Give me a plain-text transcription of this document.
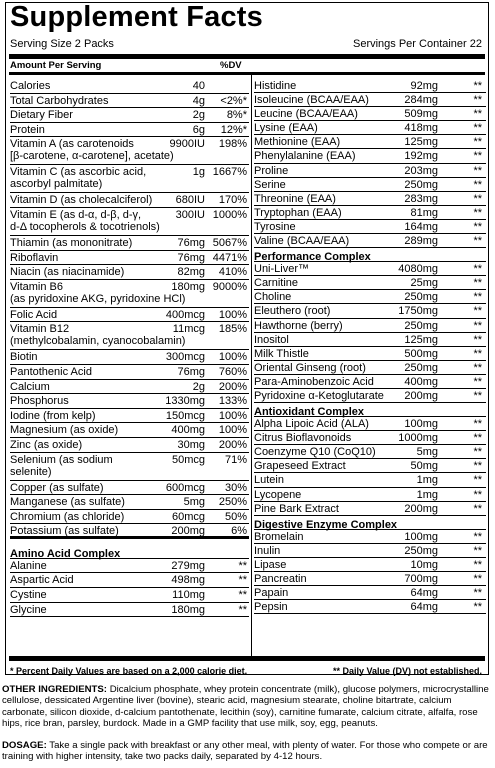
Supplement Facts
Serving Size 2 Packs	Servings Per Container 22
Amount Per Serving	%DV
Calories	40
Total Carbohydrates	4g <2%*
Dietary Fiber	2g 8%*
Protein	6g 12%*
Vitamin A (as carotenoids	9900IU 198%
[β-carotene, α-carotene], acetate)
Vitamin C (as ascorbic acid,	1g 1667%
ascorbyl palmitate)
Vitamin D (as cholecalciferol) 680IU 170%
Vitamin E (as d-α, d-β, d-γ,	300IU 1000%
d-Δ tocopherols & tocotrienols)
Thiamin (as mononitrate)	76mg 5067%
Riboflavin	76mg 4471%
Niacin (as niacinamide)	82mg 410%
Vitamin B6	180mg 9000%
(as pyridoxine AKG, pyridoxine HCl)
Folic Acid	400mcg 100%
Vitamin B12	11mcg 185%
(methylcobalamin, cyanocobalamin)
Biotin	300mcg 100%
Pantothenic Acid	76mg 760%
Calcium	2g 200%
Phosphorus	1330mg 133%
Iodine (from kelp)	150mcg 100%
Magnesium (as oxide)	400mg 100%
Zinc (as oxide)	30mg 200%
Selenium (as sodium	50mcg 71%
selenite)
Copper (as sulfate)	600mcg 30%
Manganese (as sulfate)	5mg 250%
Chromium (as chloride)	60mcg 50%
Potassium (as sulfate)	200mg 6%
Amino Acid Complex
Alanine	279mg	**
Aspartic Acid	498mg	**
Cystine	110mg	**
Glycine	180mg	**
Histidine	92mg	**
Isoleucine (BCAA/EAA)	284mg	**
Leucine (BCAA/EAA)	509mg	**
Lysine (EAA)	418mg	**
Methionine (EAA)	125mg	**
Phenylalanine (EAA)	192mg	**
Proline	203mg	**
Serine	250mg	**
Threonine (EAA)	283mg	**
Tryptophan (EAA)	81mg	**
Tyrosine	164mg	**
Valine (BCAA/EAA)	289mg	**
Performance Complex
Uni-Liver™	4080mg	**
Carnitine	25mg	**
Choline	250mg	**
Eleuthero (root)	1750mg	**
Hawthorne (berry)	250mg	**
Inositol	125mg	**
Milk Thistle	500mg	**
Oriental Ginseng (root)	250mg	**
Para-Aminobenzoic Acid	400mg	**
Pyridoxine α-Ketoglutarate 200mg	**
Antioxidant Complex
Alpha Lipoic Acid (ALA)	100mg	**
Citrus Bioflavonoids	1000mg	**
Coenzyme Q10 (CoQ10)	5mg	**
Grapeseed Extract	50mg	**
Lutein	1mg	**
Lycopene	1mg	**
Pine Bark Extract	200mg	**
Digestive Enzyme Complex
Bromelain	100mg	**
Inulin	250mg	**
Lipase	10mg	**
Pancreatin	700mg	**
Papain	64mg	**
Pepsin	64mg	**
* Percent Daily Values are based on a 2,000 calorie diet.	** Daily Value (DV) not established.
OTHER INGREDIENTS: Dicalcium phosphate, whey protein concentrate (milk), glucose polymers, microcrystalline cellulose, dessicated Argentine liver (bovine), stearic acid, magnesium stearate, choline bitartrate, calcium carbonate, silicon dioxide, d-calcium pantothenate, lecithin (soy), carnitine fumarate, calcium citrate, alfalfa, rose hips, rice bran, parsley, burdock. Made in a GMP facility that use milk, soy, egg, peanuts.
DOSAGE: Take a single pack with breakfast or any other meal, with plenty of water. For those who compete or are training with higher intensity, take two packs daily, separated by 4-12 hours.
